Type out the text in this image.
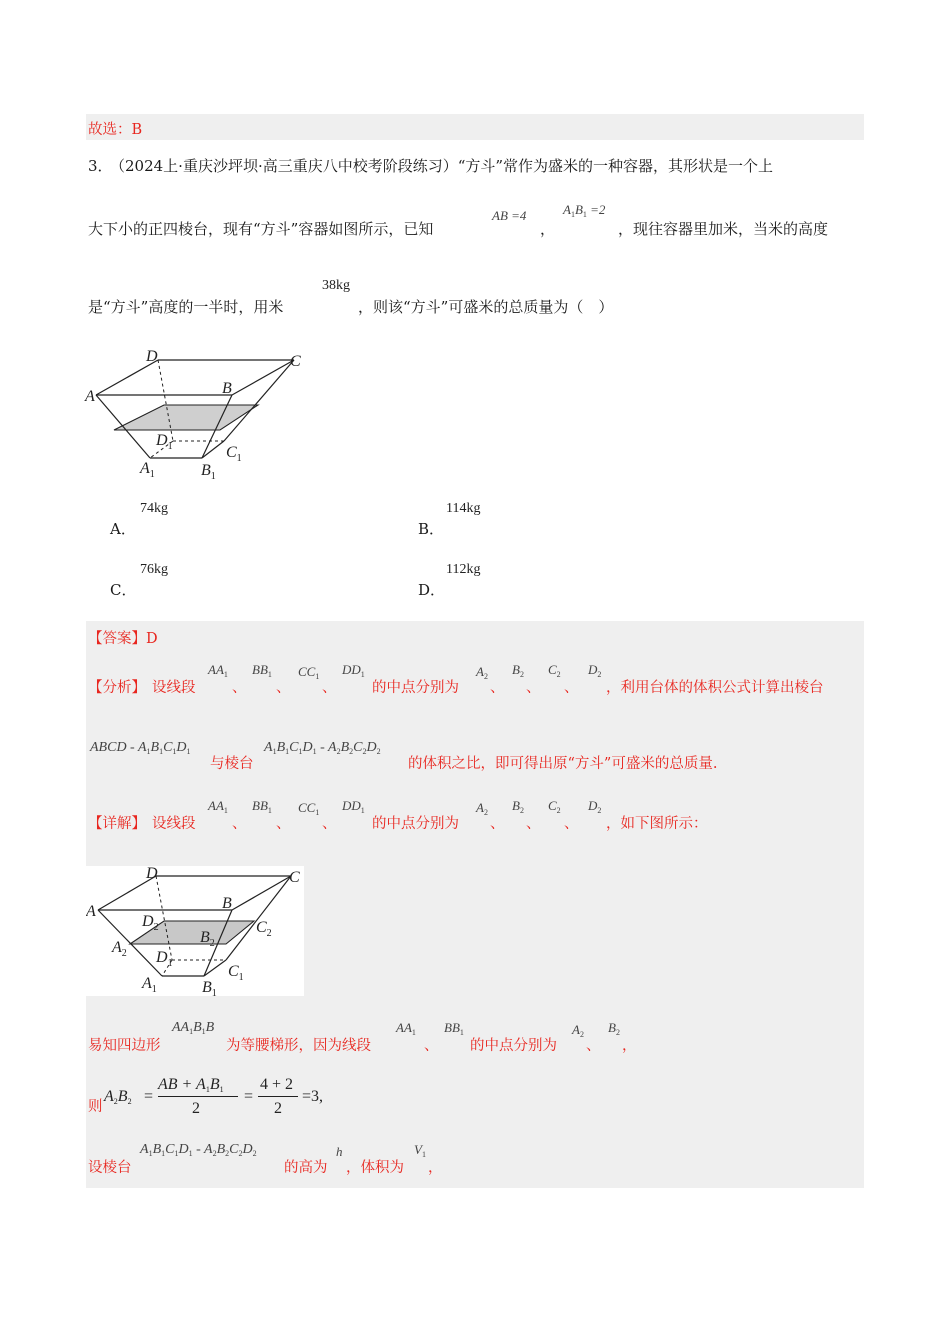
故选：B
3．
（2024上·重庆沙坪坝·高三重庆八中校考阶段练习）“方斗”常作为盛米的一种容器，其形状是一个上
大下小的正四棱台，现有“方斗”容器如图所示，已知
AB =4
，
$A_1B_1 =2$
，现往容器里加米，当米的高度
是“方斗”高度的一半时，用米
38kg
，则该“方斗”可盛米的总质量为（　）
D	C
A	B
$D_1$	$C_1$
$A_1$	$B_1$
A．
74kg
B．
114kg
C．
76kg
D．
112kg
【答案】D
【分析】 设线段
$AA_1$
、
$BB_1$
、
$CC_1$
、
$DD_1$
的中点分别为
$A_2$
、
$B_2$
、
$C_2$
、
$D_2$
，利用台体的体积公式计算出棱台
ABCD - $A_1B_1C_1D_1$
与棱台
$A_1B_1C_1D_1 - A_2B_2C_2D_2$
的体积之比，即可得出原“方斗”可盛米的总质量.
【详解】 设线段
$AA_1$
、
$BB_1$
、
$CC_1$
、
$DD_1$
的中点分别为
$A_2$
、
$B_2$
、
$C_2$
、
$D_2$
，如下图所示：
D	C
A	B
$D_2$	$C_2$
$A_2$
$B_2$
$D_1$	$C_1$
$A_1$	$B_1$
易知四边形
$AA_1B_1B$
为等腰梯形，因为线段
$AA_1$
、
$BB_1$
的中点分别为
$A_2$
、
$B_2$
，
则
$A_2B_2$ =
AB + $A_1B_1$
2
=
4 + 2
2
=3,
设棱台
$A_1B_1C_1D_1 - A_2B_2C_2D_2$
的高为
h
，体积为
$V_1$
，
